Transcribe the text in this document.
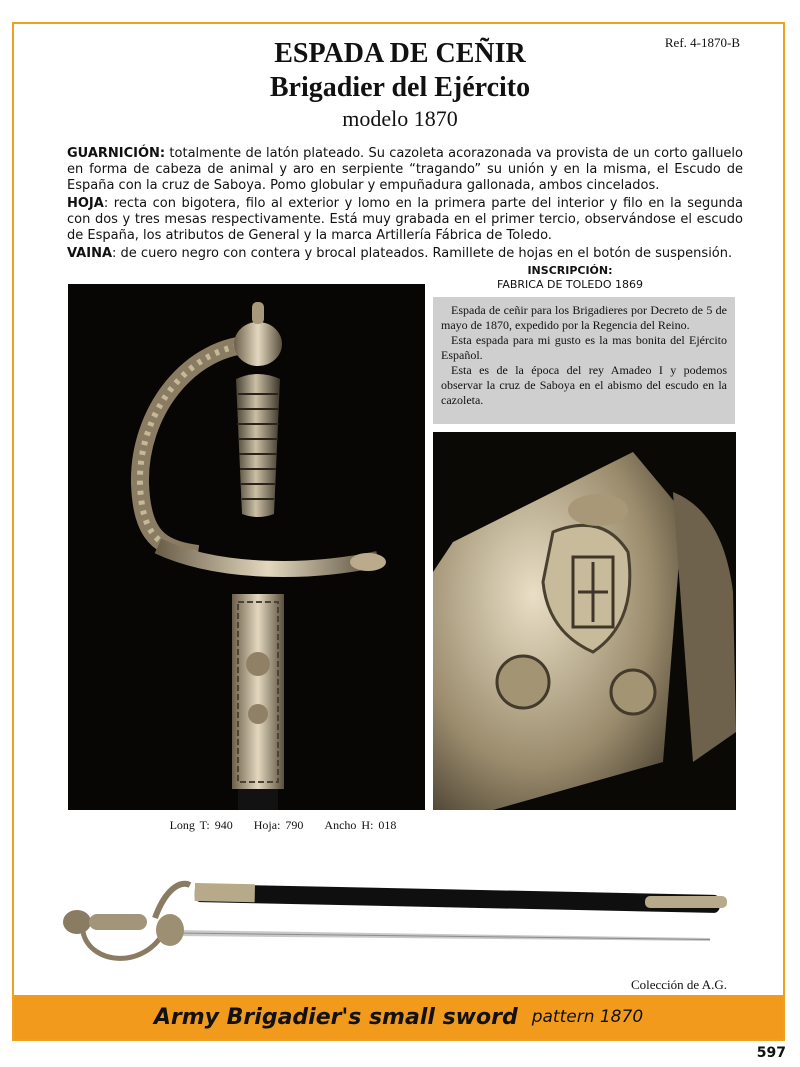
Ref. 4-1870-B
ESPADA DE CEÑIR
Brigadier del Ejército
modelo 1870

GUARNICIÓN: totalmente de latón plateado. Su cazoleta acorazonada va provista de un corto galluelo en forma de cabeza de animal y aro en serpiente “tragando” su unión y en la misma, el Escudo de España con la cruz de Saboya. Pomo globular y empuñadura gallonada, ambos cincelados.

HOJA: recta con bigotera, filo al exterior y lomo en la primera parte del interior y filo en la segunda con dos y tres mesas respectivamente. Está muy grabada en el primer tercio, observándose el escudo de España, los atributos de General y la marca Artillería Fábrica de Toledo.

VAINA: de cuero negro con contera y brocal plateados. Ramillete de hojas en el botón de suspensión.

INSCRIPCIÓN:
FABRICA DE TOLEDO 1869

Espada de ceñir para los Brigadieres por Decreto de 5 de mayo de 1870, expedido por la Regencia del Reino.

Esta espada para mi gusto es la mas bonita del Ejército Español.

Esta es de la época del rey Amadeo I y podemos observar la cruz de Saboya en el abismo del escudo en la cazoleta.

Long T: 940 Hoja: 790 Ancho H: 018
Colección de A.G.
Army Brigadier's small sword pattern 1870
597
